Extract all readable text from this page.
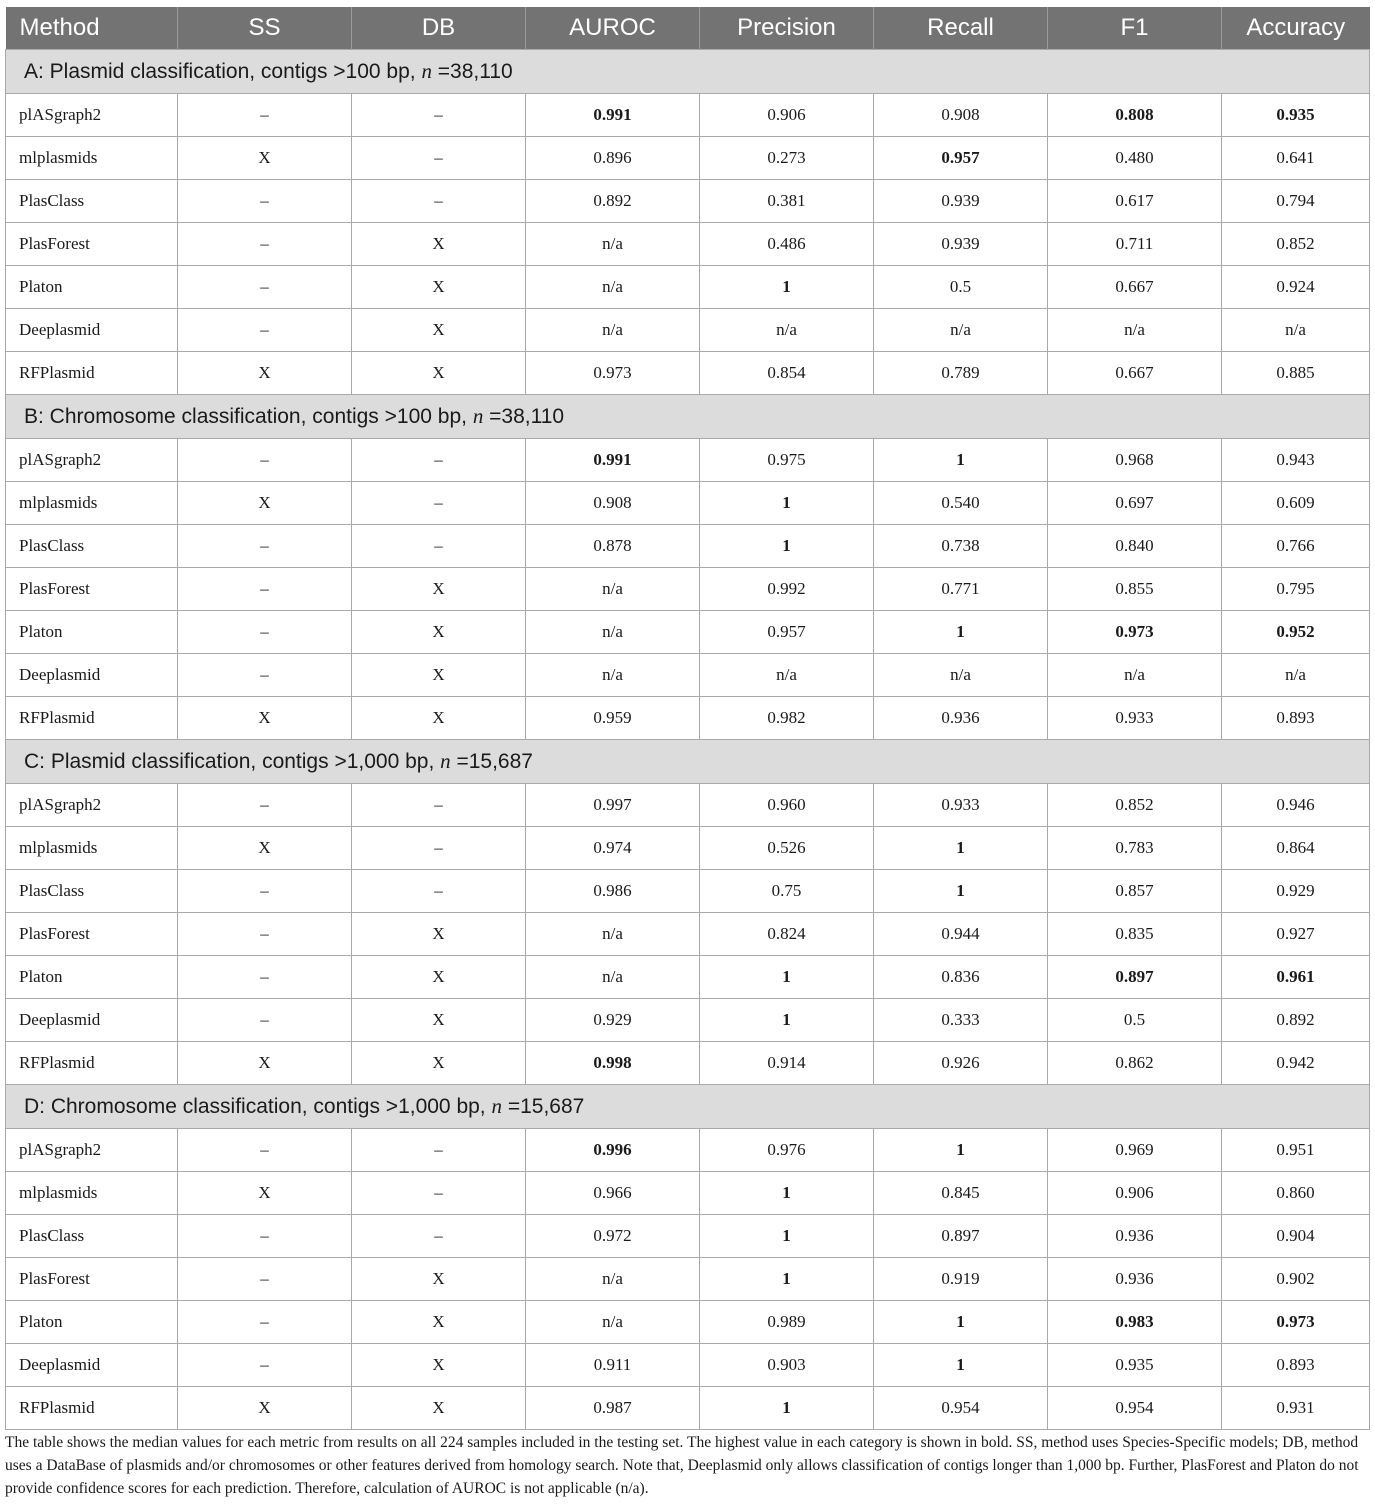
Method	SS	DB	AUROC	Precision	Recall	F1	Accuracy
A: Plasmid classification, contigs >100 bp, n =38,110							
plASgraph2	–	–	0.991	0.906	0.908	0.808	0.935
mlplasmids	X	–	0.896	0.273	0.957	0.480	0.641
PlasClass	–	–	0.892	0.381	0.939	0.617	0.794
PlasForest	–	X	n/a	0.486	0.939	0.711	0.852
Platon	–	X	n/a	1	0.5	0.667	0.924
Deeplasmid	–	X	n/a	n/a	n/a	n/a	n/a
RFPlasmid	X	X	0.973	0.854	0.789	0.667	0.885
B: Chromosome classification, contigs >100 bp, n =38,110							
plASgraph2	–	–	0.991	0.975	1	0.968	0.943
mlplasmids	X	–	0.908	1	0.540	0.697	0.609
PlasClass	–	–	0.878	1	0.738	0.840	0.766
PlasForest	–	X	n/a	0.992	0.771	0.855	0.795
Platon	–	X	n/a	0.957	1	0.973	0.952
Deeplasmid	–	X	n/a	n/a	n/a	n/a	n/a
RFPlasmid	X	X	0.959	0.982	0.936	0.933	0.893
C: Plasmid classification, contigs >1,000 bp, n =15,687							
plASgraph2	–	–	0.997	0.960	0.933	0.852	0.946
mlplasmids	X	–	0.974	0.526	1	0.783	0.864
PlasClass	–	–	0.986	0.75	1	0.857	0.929
PlasForest	–	X	n/a	0.824	0.944	0.835	0.927
Platon	–	X	n/a	1	0.836	0.897	0.961
Deeplasmid	–	X	0.929	1	0.333	0.5	0.892
RFPlasmid	X	X	0.998	0.914	0.926	0.862	0.942
D: Chromosome classification, contigs >1,000 bp, n =15,687							
plASgraph2	–	–	0.996	0.976	1	0.969	0.951
mlplasmids	X	–	0.966	1	0.845	0.906	0.860
PlasClass	–	–	0.972	1	0.897	0.936	0.904
PlasForest	–	X	n/a	1	0.919	0.936	0.902
Platon	–	X	n/a	0.989	1	0.983	0.973
Deeplasmid	–	X	0.911	0.903	1	0.935	0.893
RFPlasmid	X	X	0.987	1	0.954	0.954	0.931

The table shows the median values for each metric from results on all 224 samples included in the testing set. The highest value in each category is shown in bold. SS, method uses Species-Specific models; DB, method uses a DataBase of plasmids and/or chromosomes or other features derived from homology search. Note that, Deeplasmid only allows classification of contigs longer than 1,000 bp. Further, PlasForest and Platon do not provide confidence scores for each prediction. Therefore, calculation of AUROC is not applicable (n/a).
